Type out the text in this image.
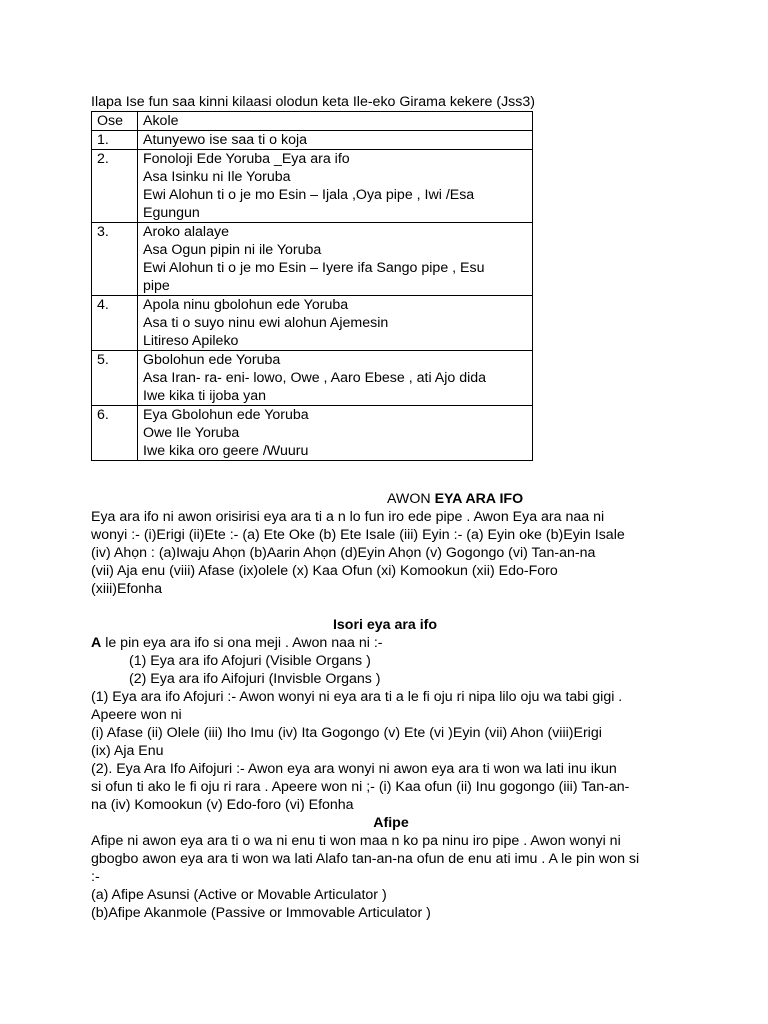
Ilapa Ise fun saa kinni kilaasi olodun keta Ile-eko Girama kekere (Jss3)

Ose	Akole
1.	Atunyewo ise saa ti o koja

2.	Fonoloji Ede Yoruba _Eya ara ifo
Asa Isinku ni Ile Yoruba
Ewi Alohun ti o je mo Esin – Ijala ,Oya pipe , Iwi /Esa
Egungun

3.	Aroko alalaye
Asa Ogun pipin ni ile Yoruba
Ewi Alohun ti o je mo Esin – Iyere ifa Sango pipe , Esu
pipe

4.	Apola ninu gbolohun ede Yoruba
Asa ti o suyo ninu ewi alohun Ajemesin
Litireso Apileko

5.	Gbolohun ede Yoruba
Asa Iran- ra- eni- lowo, Owe , Aaro Ebese , ati Ajo dida
Iwe kika ti ijoba yan

6.	Eya Gbolohun ede Yoruba
Owe Ile Yoruba
Iwe kika oro geere /Wuuru
AWON EYA ARA IFO

Eya ara ifo ni awon orisirisi eya ara ti a n lo fun iro ede pipe . Awon Eya ara naa ni

wonyi :- (i)Erigi (ii)Ete :- (a) Ete Oke (b) Ete Isale (iii) Eyin :- (a) Eyin oke (b)Eyin Isale

(iv) Ahọn : (a)Iwaju Ahọn (b)Aarin Ahọn (d)Eyin Ahọn (v) Gogongo (vi) Tan-an-na

(vii) Aja enu (viii) Afase (ix)olele (x) Kaa Ofun (xi) Komookun (xii) Edo-Foro

(xiii)Efonha

Isori eya ara ifo

A le pin eya ara ifo si ona meji . Awon naa ni :-

(1) Eya ara ifo Afojuri (Visible Organs )

(2) Eya ara ifo Aifojuri (Invisble Organs )

(1) Eya ara ifo Afojuri :- Awon wonyi ni eya ara ti a le fi oju ri nipa lilo oju wa tabi gigi .

Apeere won ni

(i) Afase (ii) Olele (iii) Iho Imu (iv) Ita Gogongo (v) Ete (vi )Eyin (vii) Ahon (viii)Erigi

(ix) Aja Enu

(2). Eya Ara Ifo Aifojuri :- Awon eya ara wonyi ni awon eya ara ti won wa lati inu ikun

si ofun ti ako le fi oju ri rara . Apeere won ni ;- (i) Kaa ofun (ii) Inu gogongo (iii) Tan-an-

na (iv) Komookun (v) Edo-foro (vi) Efonha

Afipe

Afipe ni awon eya ara ti o wa ni enu ti won maa n ko pa ninu iro pipe . Awon wonyi ni

gbogbo awon eya ara ti won wa lati Alafo tan-an-na ofun de enu ati imu . A le pin won si

:-

(a) Afipe Asunsi (Active or Movable Articulator )

(b)Afipe Akanmole (Passive or Immovable Articulator )
